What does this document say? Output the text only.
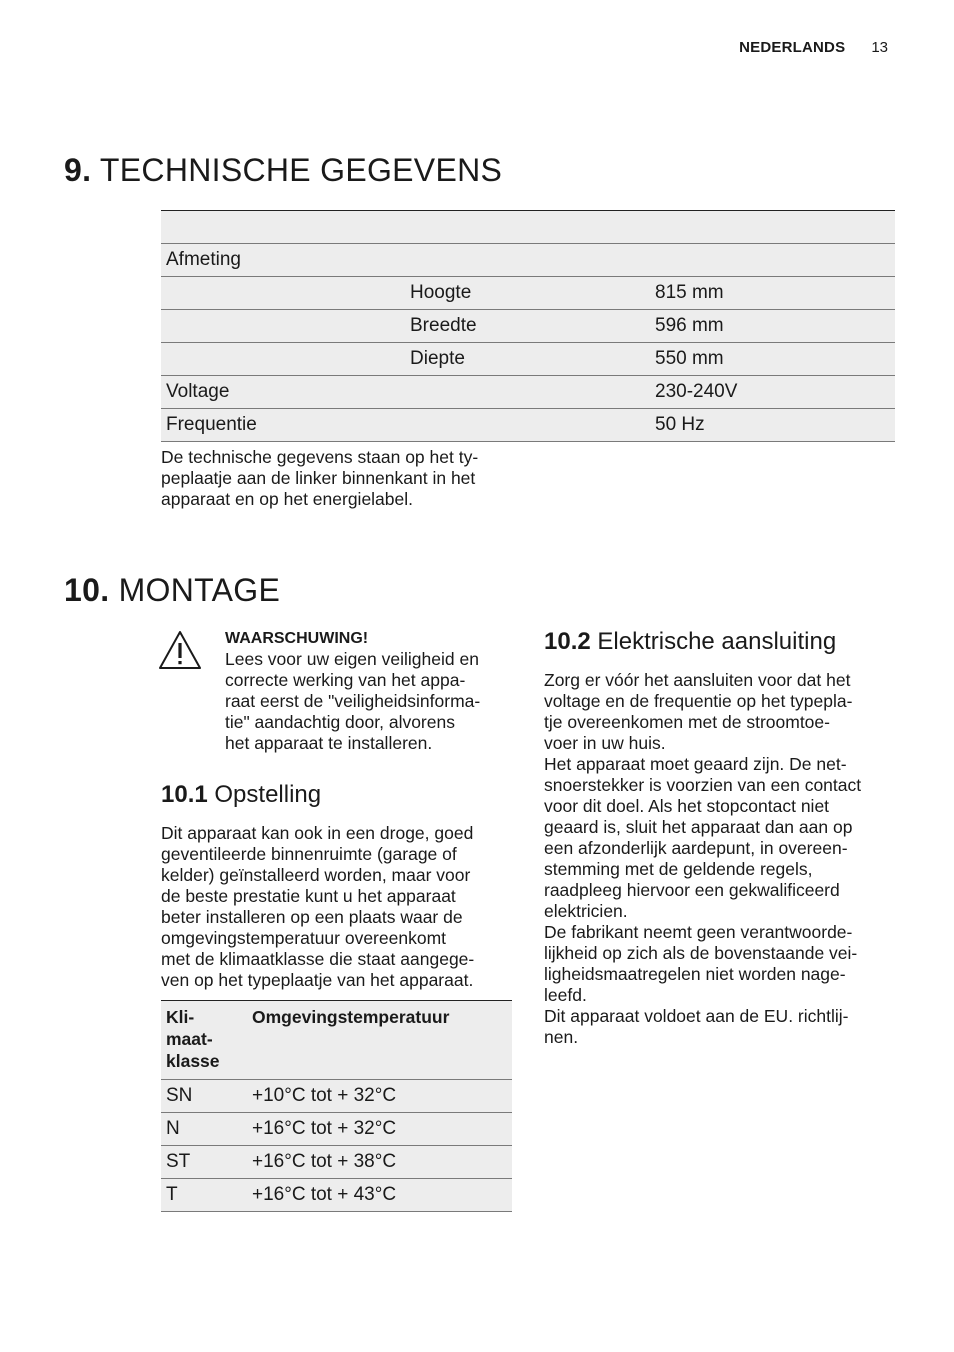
NEDERLANDS 13
9. TECHNISCHE GEGEVENS

Afmeting		
	Hoogte	815 mm
	Breedte	596 mm
	Diepte	550 mm
Voltage		230-240V
Frequentie		50 Hz
De technische gegevens staan op het ty-
peplaatje aan de linker binnenkant in het
apparaat en op het energielabel.
10. MONTAGE
WAARSCHUWING!
Lees voor uw eigen veiligheid en
correcte werking van het appa-
raat eerst de "veiligheidsinforma-
tie" aandachtig door, alvorens
het apparaat te installeren.
10.1 Opstelling
Dit apparaat kan ook in een droge, goed
geventileerde binnenruimte (garage of
kelder) geïnstalleerd worden, maar voor
de beste prestatie kunt u het apparaat
beter installeren op een plaats waar de
omgevingstemperatuur overeenkomt
met de klimaatklasse die staat aangege-
ven op het typeplaatje van het apparaat.
Kli-
maat-
klasse	Omgevingstemperatuur
SN	+10°C tot + 32°C
N	+16°C tot + 32°C
ST	+16°C tot + 38°C
T	+16°C tot + 43°C
10.2 Elektrische aansluiting
Zorg er vóór het aansluiten voor dat het
voltage en de frequentie op het typepla-
tje overeenkomen met de stroomtoe-
voer in uw huis.
Het apparaat moet geaard zijn. De net-
snoerstekker is voorzien van een contact
voor dit doel. Als het stopcontact niet
geaard is, sluit het apparaat dan aan op
een afzonderlijk aardepunt, in overeen-
stemming met de geldende regels,
raadpleeg hiervoor een gekwalificeerd
elektricien.
De fabrikant neemt geen verantwoorde-
lijkheid op zich als de bovenstaande vei-
ligheidsmaatregelen niet worden nage-
leefd.
Dit apparaat voldoet aan de EU. richtlij-
nen.
